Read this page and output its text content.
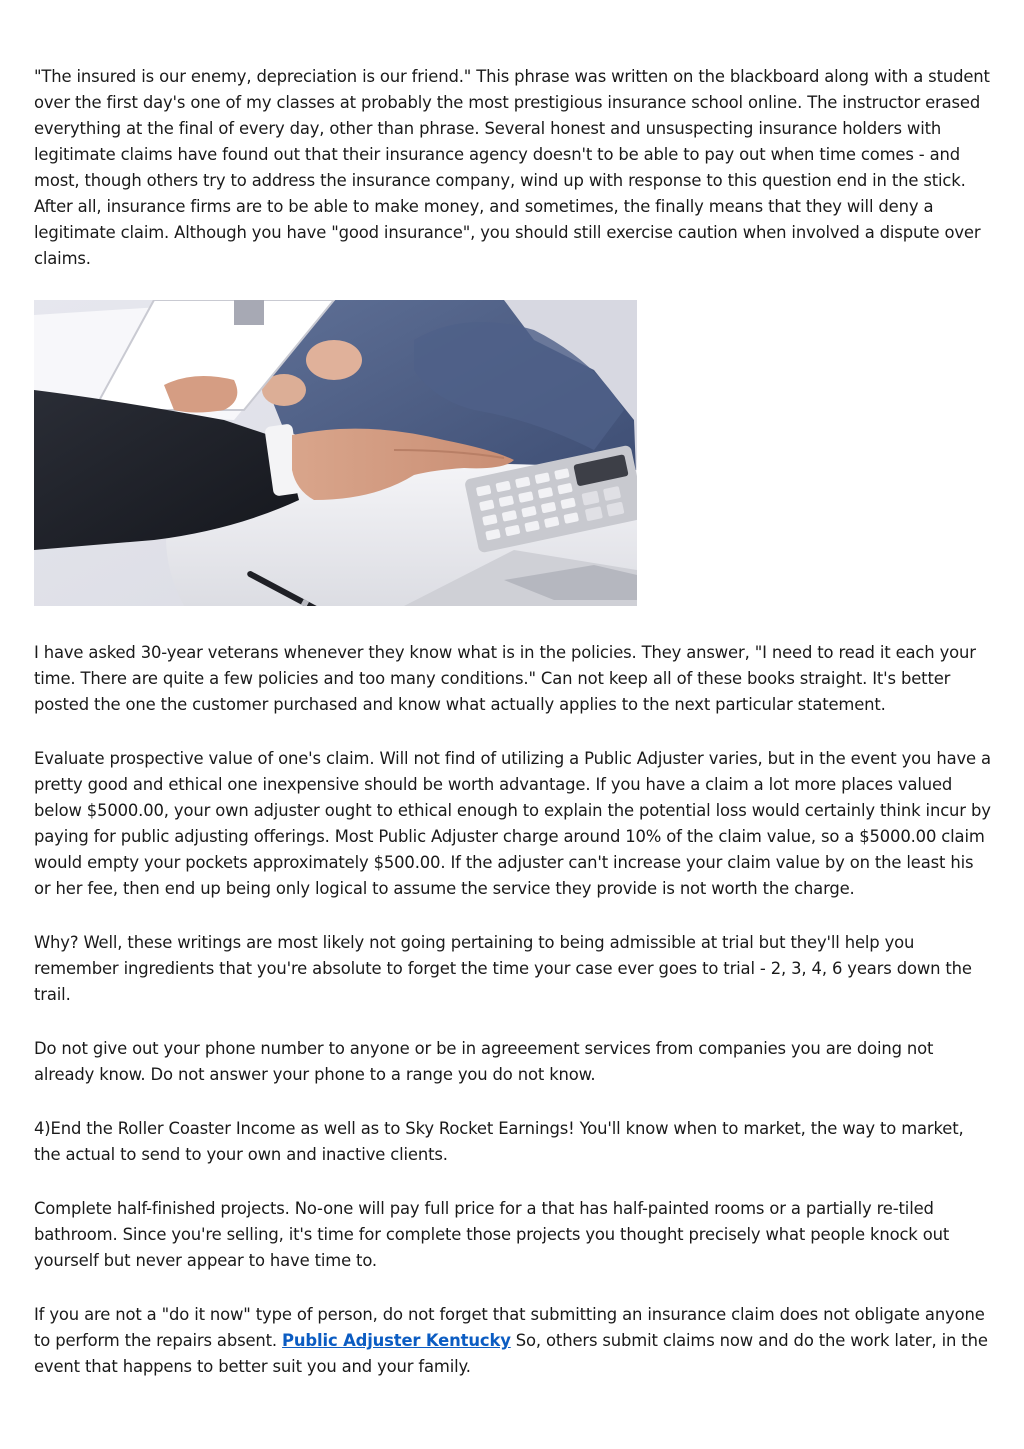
"The insured is our enemy, depreciation is our friend." This phrase was written on the blackboard along with a student over the first day's one of my classes at probably the most prestigious insurance school online. The instructor erased everything at the final of every day, other than phrase. Several honest and unsuspecting insurance holders with legitimate claims have found out that their insurance agency doesn't to be able to pay out when time comes - and most, though others try to address the insurance company, wind up with response to this question end in the stick. After all, insurance firms are to be able to make money, and sometimes, the finally means that they will deny a legitimate claim. Although you have "good insurance", you should still exercise caution when involved a dispute over claims.

I have asked 30-year veterans whenever they know what is in the policies. They answer, "I need to read it each your time. There are quite a few policies and too many conditions." Can not keep all of these books straight. It's better posted the one the customer purchased and know what actually applies to the next particular statement.

Evaluate prospective value of one's claim. Will not find of utilizing a Public Adjuster varies, but in the event you have a pretty good and ethical one inexpensive should be worth advantage. If you have a claim a lot more places valued below $5000.00, your own adjuster ought to ethical enough to explain the potential loss would certainly think incur by paying for public adjusting offerings. Most Public Adjuster charge around 10% of the claim value, so a $5000.00 claim would empty your pockets approximately $500.00. If the adjuster can't increase your claim value by on the least his or her fee, then end up being only logical to assume the service they provide is not worth the charge.

Why? Well, these writings are most likely not going pertaining to being admissible at trial but they'll help you remember ingredients that you're absolute to forget the time your case ever goes to trial - 2, 3, 4, 6 years down the trail.

Do not give out your phone number to anyone or be in agreeement services from companies you are doing not already know. Do not answer your phone to a range you do not know.

4)End the Roller Coaster Income as well as to Sky Rocket Earnings! You'll know when to market, the way to market, the actual to send to your own and inactive clients.

Complete half-finished projects. No-one will pay full price for a that has half-painted rooms or a partially re-tiled bathroom. Since you're selling, it's time for complete those projects you thought precisely what people knock out yourself but never appear to have time to.

If you are not a "do it now" type of person, do not forget that submitting an insurance claim does not obligate anyone to perform the repairs absent. Public Adjuster Kentucky So, others submit claims now and do the work later, in the event that happens to better suit you and your family.
